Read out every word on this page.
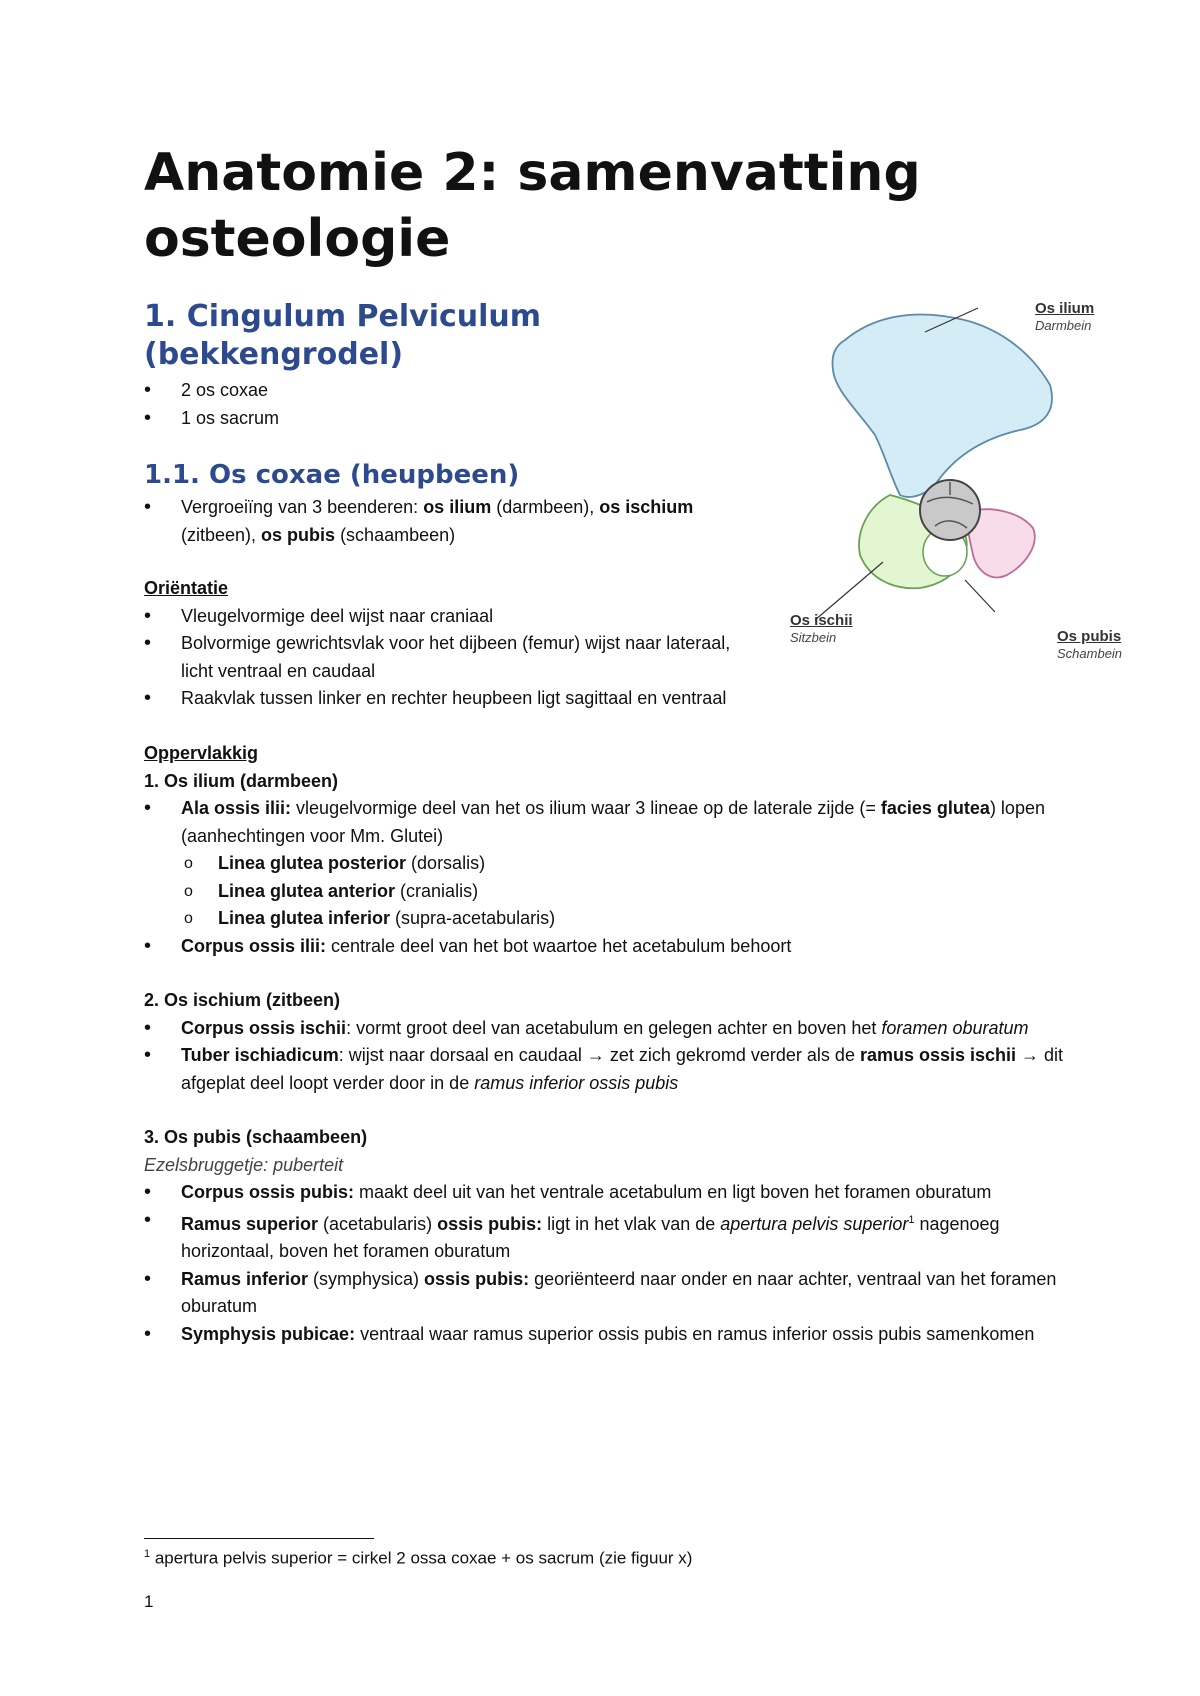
Anatomie 2: samenvatting osteologie
1. Cingulum Pelviculum (bekkengrodel)
• 2 os coxae
• 1 os sacrum
1.1. Os coxae (heupbeen)
• Vergroeiïng van 3 beenderen: os ilium (darmbeen), os ischium (zitbeen), os pubis (schaambeen)
Oriëntatie
• Vleugelvormige deel wijst naar craniaal
• Bolvormige gewrichtsvlak voor het dijbeen (femur) wijst naar lateraal, licht ventraal en caudaal
• Raakvlak tussen linker en rechter heupbeen ligt sagittaal en ventraal
Oppervlakkig
1. Os ilium (darmbeen)
• Ala ossis ilii: vleugelvormige deel van het os ilium waar 3 lineae op de laterale zijde (= facies glutea) lopen (aanhechtingen voor Mm. Glutei)
o Linea glutea posterior (dorsalis)
o Linea glutea anterior (cranialis)
o Linea glutea inferior (supra-acetabularis)
• Corpus ossis ilii: centrale deel van het bot waartoe het acetabulum behoort
2. Os ischium (zitbeen)
• Corpus ossis ischii: vormt groot deel van acetabulum en gelegen achter en boven het foramen oburatum
• Tuber ischiadicum: wijst naar dorsaal en caudaal → zet zich gekromd verder als de ramus ossis ischii → dit afgeplat deel loopt verder door in de ramus inferior ossis pubis
3. Os pubis (schaambeen)
Ezelsbruggetje: puberteit
• Corpus ossis pubis: maakt deel uit van het ventrale acetabulum en ligt boven het foramen oburatum
• Ramus superior (acetabularis) ossis pubis: ligt in het vlak van de apertura pelvis superior$^1$ nagenoeg horizontaal, boven het foramen oburatum
• Ramus inferior (symphysica) ossis pubis: georiënteerd naar onder en naar achter, ventraal van het foramen oburatum
• Symphysis pubicae: ventraal waar ramus superior ossis pubis en ramus inferior ossis pubis samenkomen
Os ilium
Darmbein
Os ischii
Sitzbein	Os pubis
Schambein
$^1$ apertura pelvis superior = cirkel 2 ossa coxae + os sacrum (zie figuur x)
1
